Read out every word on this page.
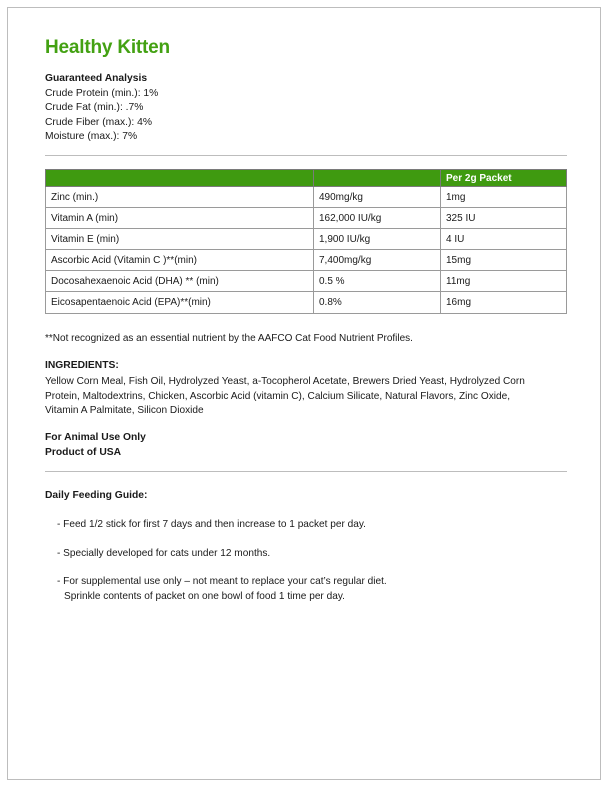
Healthy Kitten
Guaranteed Analysis
Crude Protein (min.): 1%
Crude Fat (min.): .7%
Crude Fiber (max.): 4%
Moisture (max.): 7%
		Per 2g Packet
Zinc (min.)	490mg/kg	1mg
Vitamin A (min)	162,000 IU/kg	325 IU
Vitamin E (min)	1,900 IU/kg	4 IU
Ascorbic Acid (Vitamin C )**(min)	7,400mg/kg	15mg
Docosahexaenoic Acid (DHA) ** (min)	0.5 %	11mg
Eicosapentaenoic Acid (EPA)**(min)	0.8%	16mg
**Not recognized as an essential nutrient by the AAFCO Cat Food Nutrient Profiles.
INGREDIENTS:
Yellow Corn Meal, Fish Oil, Hydrolyzed Yeast, a-Tocopherol Acetate, Brewers Dried Yeast, Hydrolyzed Corn Protein, Maltodextrins, Chicken, Ascorbic Acid (vitamin C), Calcium Silicate, Natural Flavors, Zinc Oxide, Vitamin A Palmitate, Silicon Dioxide
For Animal Use Only
Product of USA
Daily Feeding Guide:
- Feed 1/2 stick for first 7 days and then increase to 1 packet per day.
- Specially developed for cats under 12 months.
- For supplemental use only – not meant to replace your cat’s regular diet.
Sprinkle contents of packet on one bowl of food 1 time per day.
